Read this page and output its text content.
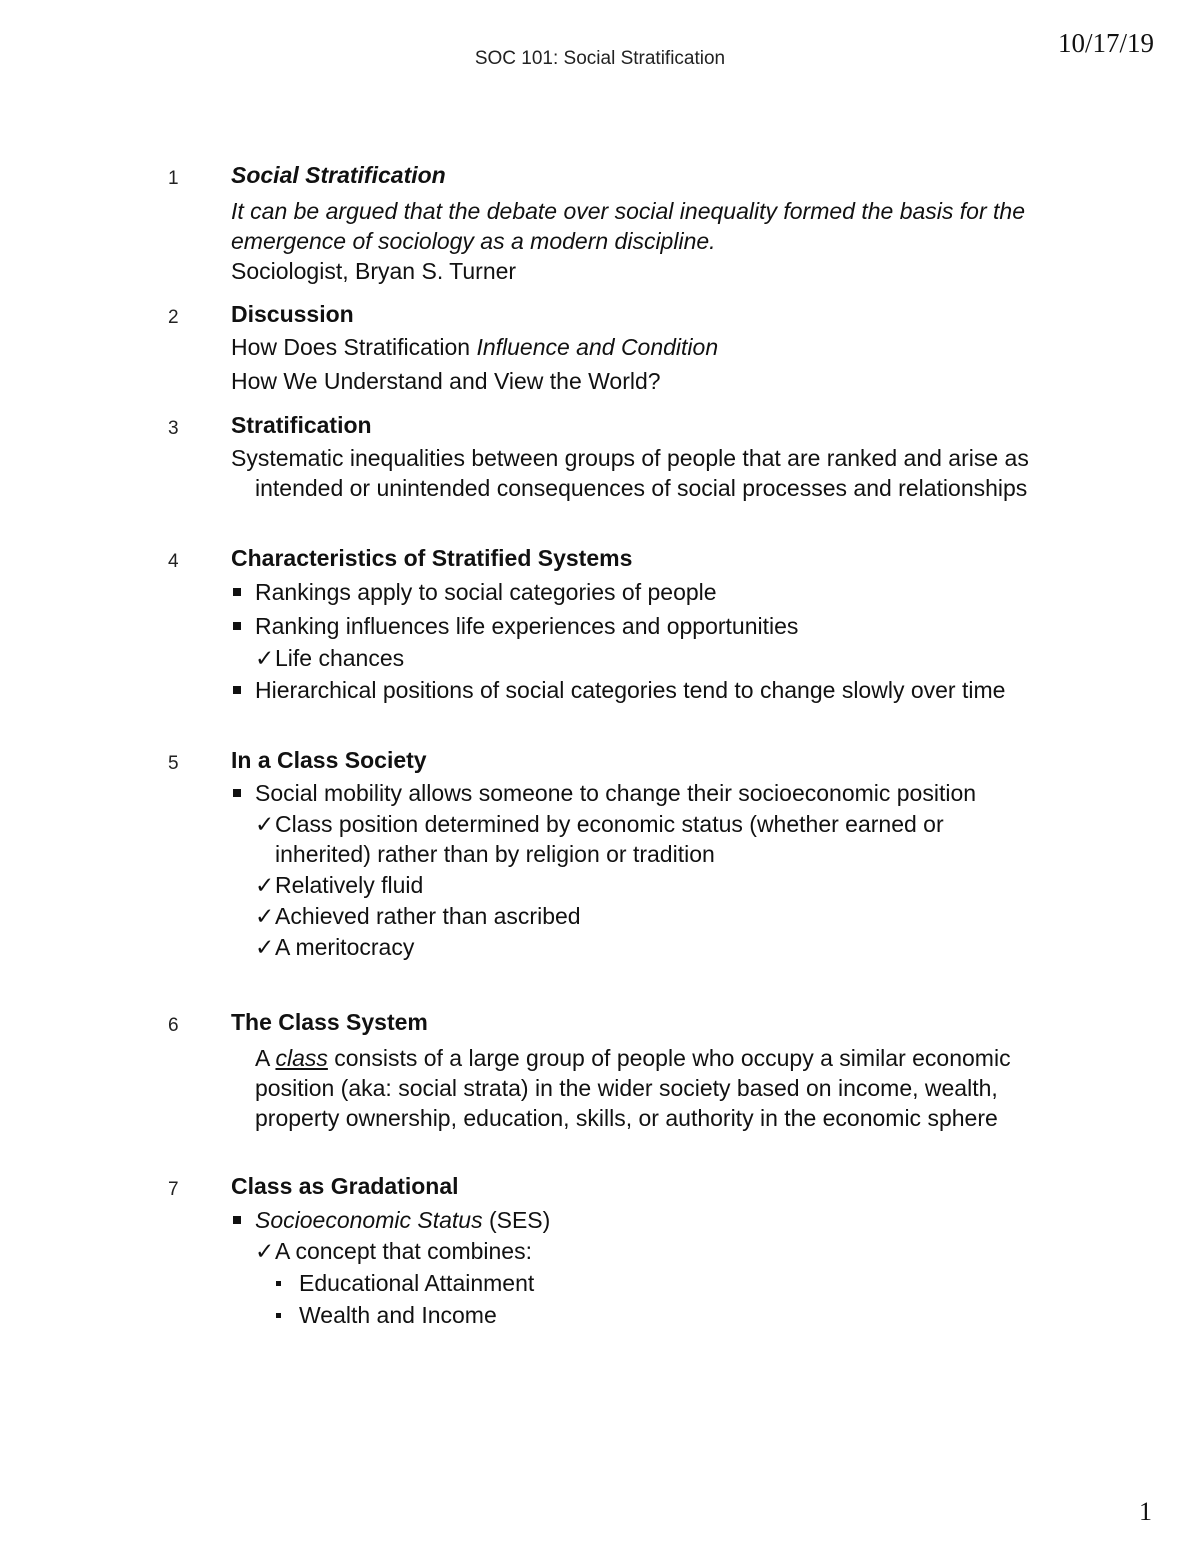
SOC 101: Social Stratification
10/17/19
1 Social Stratification
It can be argued that the debate over social inequality formed the basis for the emergence of sociology as a modern discipline.
Sociologist, Bryan S. Turner
2 Discussion
How Does Stratification Influence and Condition
How We Understand and View the World?
3 Stratification
Systematic inequalities between groups of people that are ranked and arise as intended or unintended consequences of social processes and relationships
4 Characteristics of Stratified Systems
Rankings apply to social categories of people
Ranking influences life experiences and opportunities
✓ Life chances
Hierarchical positions of social categories tend to change slowly over time
5 In a Class Society
Social mobility allows someone to change their socioeconomic position
✓ Class position determined by economic status (whether earned or inherited) rather than by religion or tradition
✓ Relatively fluid
✓ Achieved rather than ascribed
✓ A meritocracy
6 The Class System
A class consists of a large group of people who occupy a similar economic position (aka: social strata) in the wider society based on income, wealth, property ownership, education, skills, or authority in the economic sphere
7 Class as Gradational
Socioeconomic Status (SES)
✓ A concept that combines:
Educational Attainment
Wealth and Income
1
